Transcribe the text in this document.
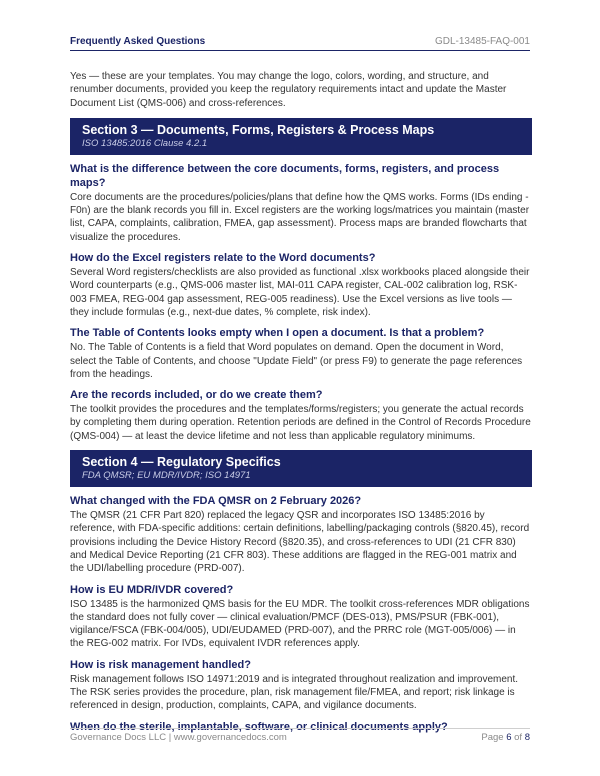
Frequently Asked Questions	GDL-13485-FAQ-001

Yes — these are your templates. You may change the logo, colors, wording, and structure, and renumber documents, provided you keep the regulatory requirements intact and update the Master Document List (QMS-006) and cross-references.

Section 3 — Documents, Forms, Registers & Process Maps
ISO 13485:2016 Clause 4.2.1
What is the difference between the core documents, forms, registers, and process maps?

Core documents are the procedures/policies/plans that define how the QMS works. Forms (IDs ending -F0n) are the blank records you fill in. Excel registers are the working logs/matrices you maintain (master list, CAPA, complaints, calibration, FMEA, gap assessment). Process maps are branded flowcharts that visualize the procedures.

How do the Excel registers relate to the Word documents?

Several Word registers/checklists are also provided as functional .xlsx workbooks placed alongside their Word counterparts (e.g., QMS-006 master list, MAI-011 CAPA register, CAL-002 calibration log, RSK-003 FMEA, REG-004 gap assessment, REG-005 readiness). Use the Excel versions as live tools — they include formulas (e.g., next-due dates, % complete, risk index).

The Table of Contents looks empty when I open a document. Is that a problem?

No. The Table of Contents is a field that Word populates on demand. Open the document in Word, select the Table of Contents, and choose "Update Field" (or press F9) to generate the page references from the headings.

Are the records included, or do we create them?

The toolkit provides the procedures and the templates/forms/registers; you generate the actual records by completing them during operation. Retention periods are defined in the Control of Records Procedure (QMS-004) — at least the device lifetime and not less than applicable regulatory minimums.

Section 4 — Regulatory Specifics
FDA QMSR; EU MDR/IVDR; ISO 14971
What changed with the FDA QMSR on 2 February 2026?

The QMSR (21 CFR Part 820) replaced the legacy QSR and incorporates ISO 13485:2016 by reference, with FDA-specific additions: certain definitions, labelling/packaging controls (§820.45), record provisions including the Device History Record (§820.35), and cross-references to UDI (21 CFR 830) and Medical Device Reporting (21 CFR 803). These additions are flagged in the REG-001 matrix and the UDI/labelling procedure (PRD-007).

How is EU MDR/IVDR covered?

ISO 13485 is the harmonized QMS basis for the EU MDR. The toolkit cross-references MDR obligations the standard does not fully cover — clinical evaluation/PMCF (DES-013), PMS/PSUR (FBK-001), vigilance/FSCA (FBK-004/005), UDI/EUDAMED (PRD-007), and the PRRC role (MGT-005/006) — in the REG-002 matrix. For IVDs, equivalent IVDR references apply.

How is risk management handled?

Risk management follows ISO 14971:2019 and is integrated throughout realization and improvement. The RSK series provides the procedure, plan, risk management file/FMEA, and report; risk linkage is referenced in design, production, complaints, CAPA, and vigilance documents.

When do the sterile, implantable, software, or clinical documents apply?
Governance Docs LLC | www.governancedocs.com	Page 6 of 8
